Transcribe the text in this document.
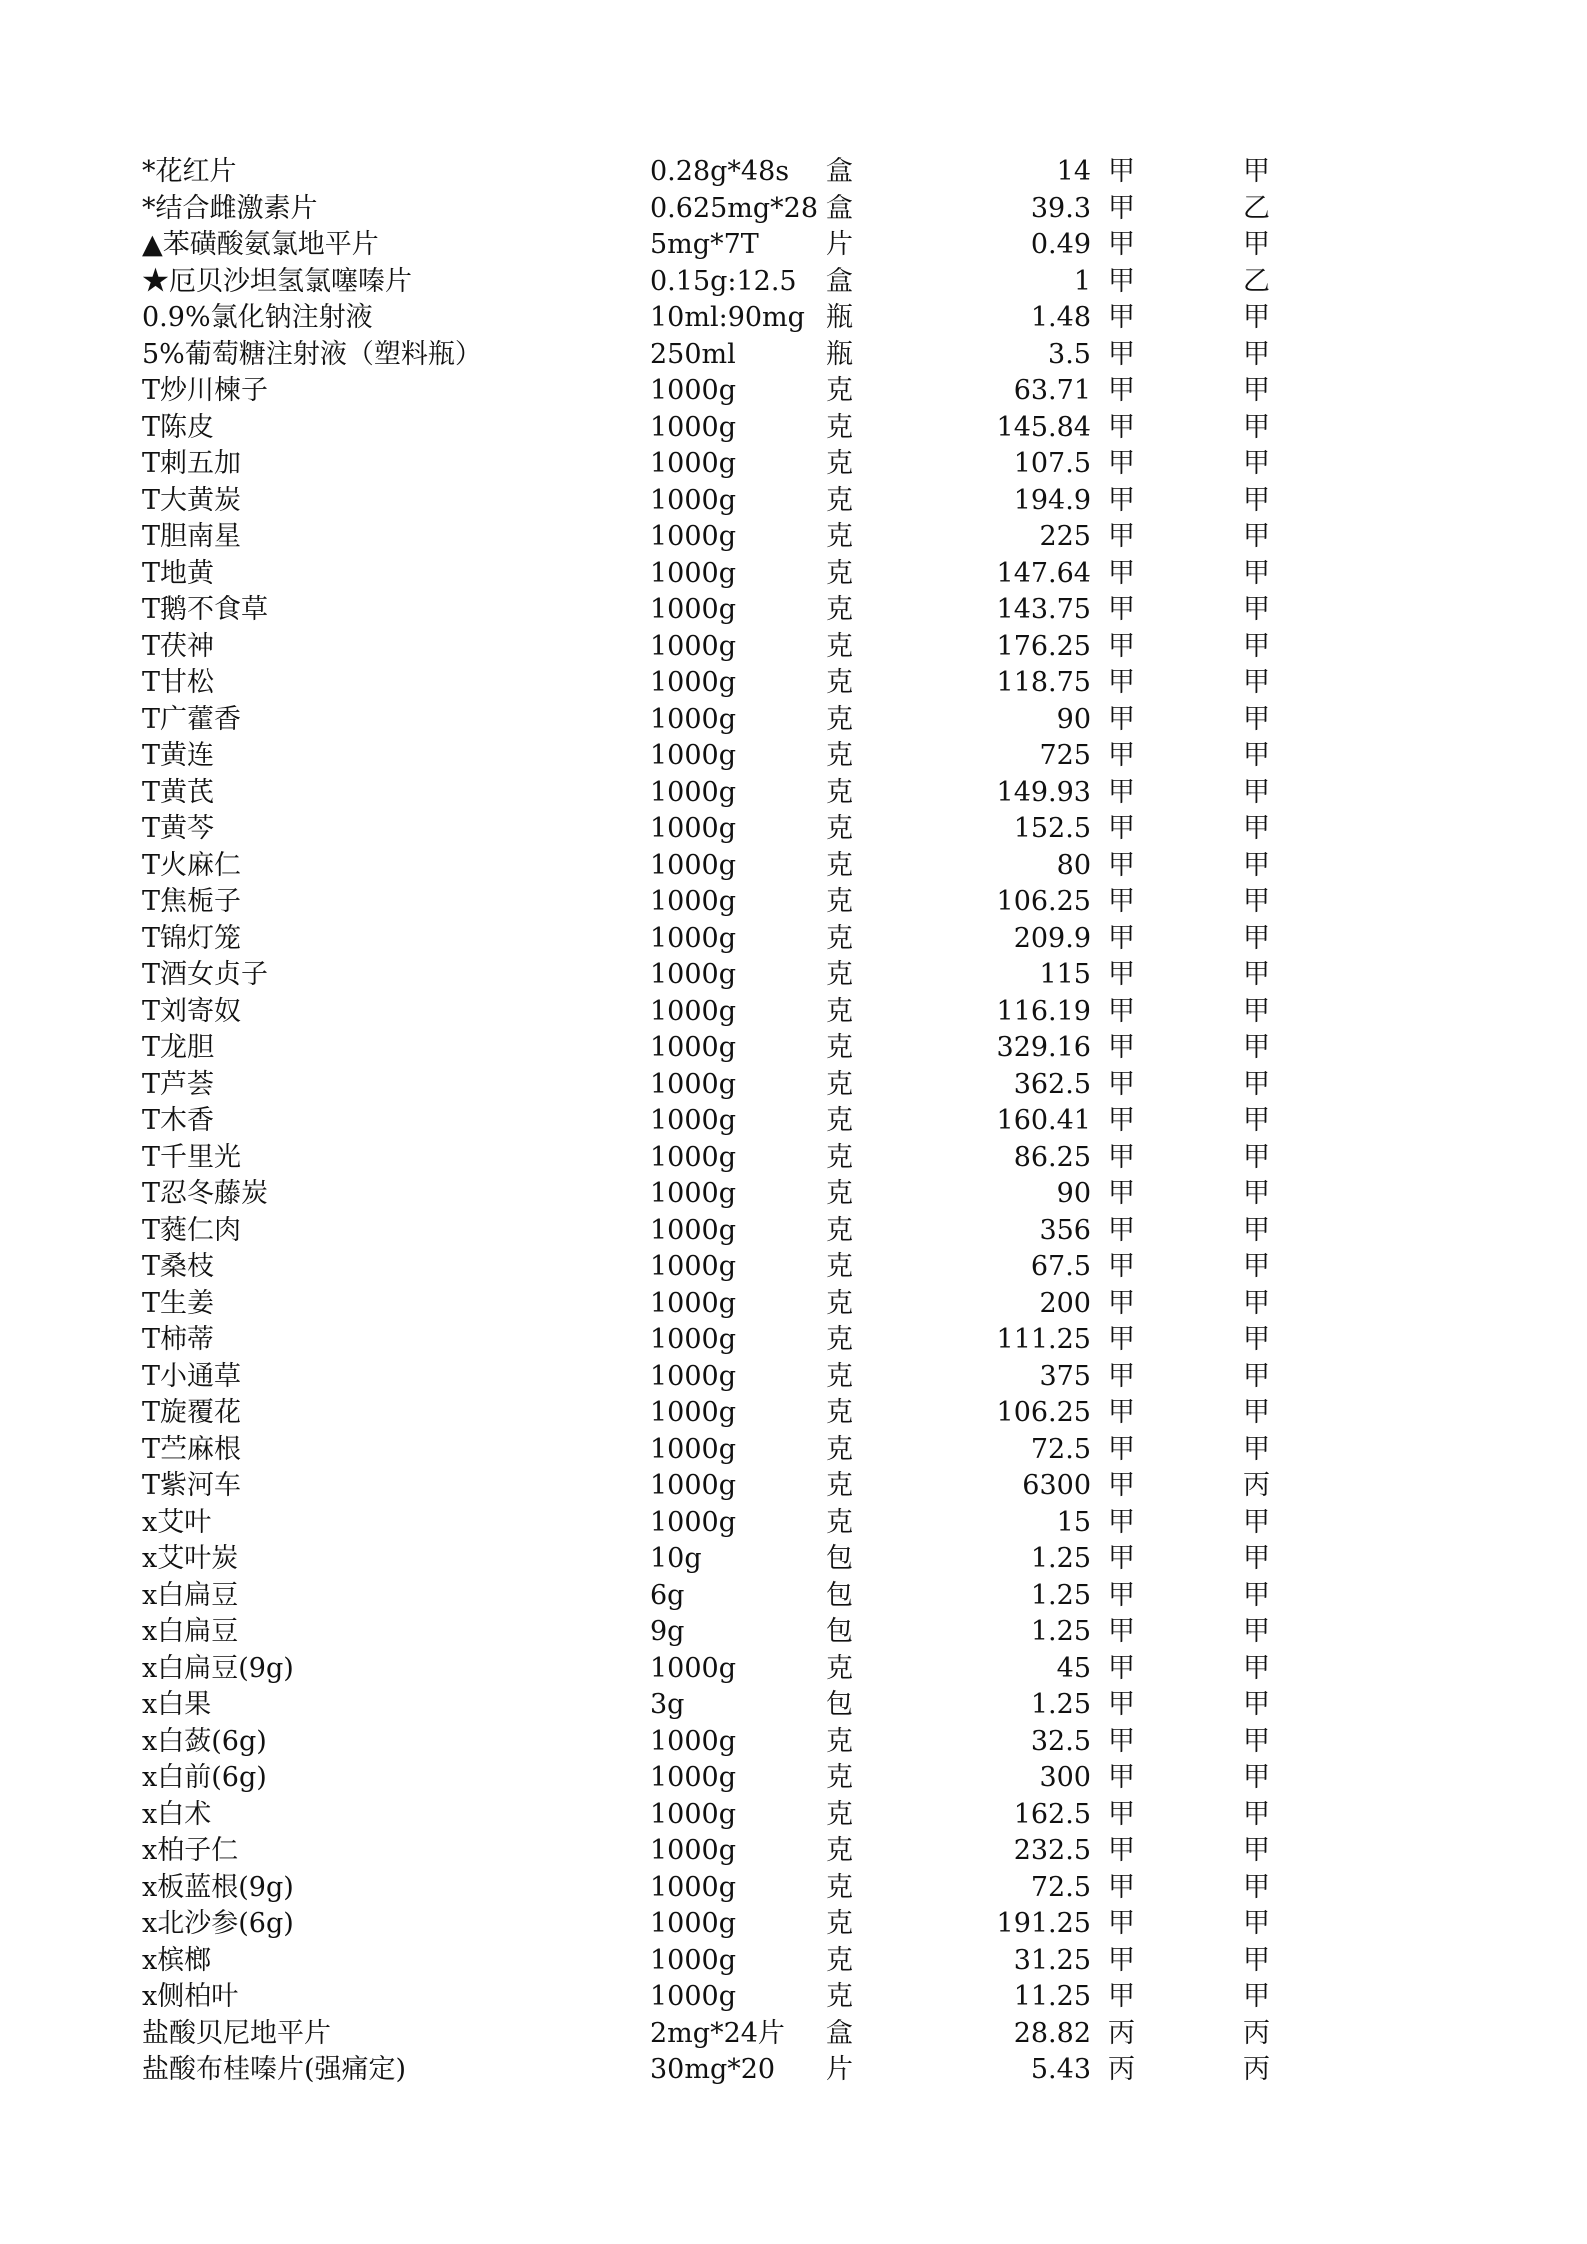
*花红片	0.28g*48s 盒	14 甲	甲
*结合雌激素片	0.625mg*28 盒	39.3 甲	乙
▲苯磺酸氨氯地平片	5mg*7T 片	0.49 甲	甲
★厄贝沙坦氢氯噻嗪片	0.15g:12.5 盒	1 甲	乙
0.9%氯化钠注射液	10ml:90mg 瓶	1.48 甲	甲
5%葡萄糖注射液（塑料瓶）	250ml	瓶	3.5 甲	甲
T炒川楝子	1000g	克	63.71 甲	甲
T陈皮	1000g	克	145.84 甲	甲
T刺五加	1000g	克	107.5 甲	甲
T大黄炭	1000g	克	194.9 甲	甲
T胆南星	1000g	克	225 甲	甲
T地黄	1000g	克	147.64 甲	甲
T鹅不食草	1000g	克	143.75 甲	甲
T茯神	1000g	克	176.25 甲	甲
T甘松	1000g	克	118.75 甲	甲
T广藿香	1000g	克	90 甲	甲
T黄连	1000g	克	725 甲	甲
T黄芪	1000g	克	149.93 甲	甲
T黄芩	1000g	克	152.5 甲	甲
T火麻仁	1000g	克	80 甲	甲
T焦栀子	1000g	克	106.25 甲	甲
T锦灯笼	1000g	克	209.9 甲	甲
T酒女贞子	1000g	克	115 甲	甲
T刘寄奴	1000g	克	116.19 甲	甲
T龙胆	1000g	克	329.16 甲	甲
T芦荟	1000g	克	362.5 甲	甲
T木香	1000g	克	160.41 甲	甲
T千里光	1000g	克	86.25 甲	甲
T忍冬藤炭	1000g	克	90 甲	甲
T蕤仁肉	1000g	克	356 甲	甲
T桑枝	1000g	克	67.5 甲	甲
T生姜	1000g	克	200 甲	甲
T柿蒂	1000g	克	111.25 甲	甲
T小通草	1000g	克	375 甲	甲
T旋覆花	1000g	克	106.25 甲	甲
T苎麻根	1000g	克	72.5 甲	甲
T紫河车	1000g	克	6300 甲	丙
x艾叶	1000g	克	15 甲	甲
x艾叶炭	10g	包	1.25 甲	甲
x白扁豆	6g	包	1.25 甲	甲
x白扁豆	9g	包	1.25 甲	甲
x白扁豆(9g)	1000g	克	45 甲	甲
x白果	3g	包	1.25 甲	甲
x白蔹(6g)	1000g	克	32.5 甲	甲
x白前(6g)	1000g	克	300 甲	甲
x白术	1000g	克	162.5 甲	甲
x柏子仁	1000g	克	232.5 甲	甲
x板蓝根(9g)	1000g	克	72.5 甲	甲
x北沙参(6g)	1000g	克	191.25 甲	甲
x槟榔	1000g	克	31.25 甲	甲
x侧柏叶	1000g	克	11.25 甲	甲
盐酸贝尼地平片	2mg*24片 盒	28.82 丙	丙
盐酸布桂嗪片(强痛定)	30mg*20 片	5.43 丙	丙
